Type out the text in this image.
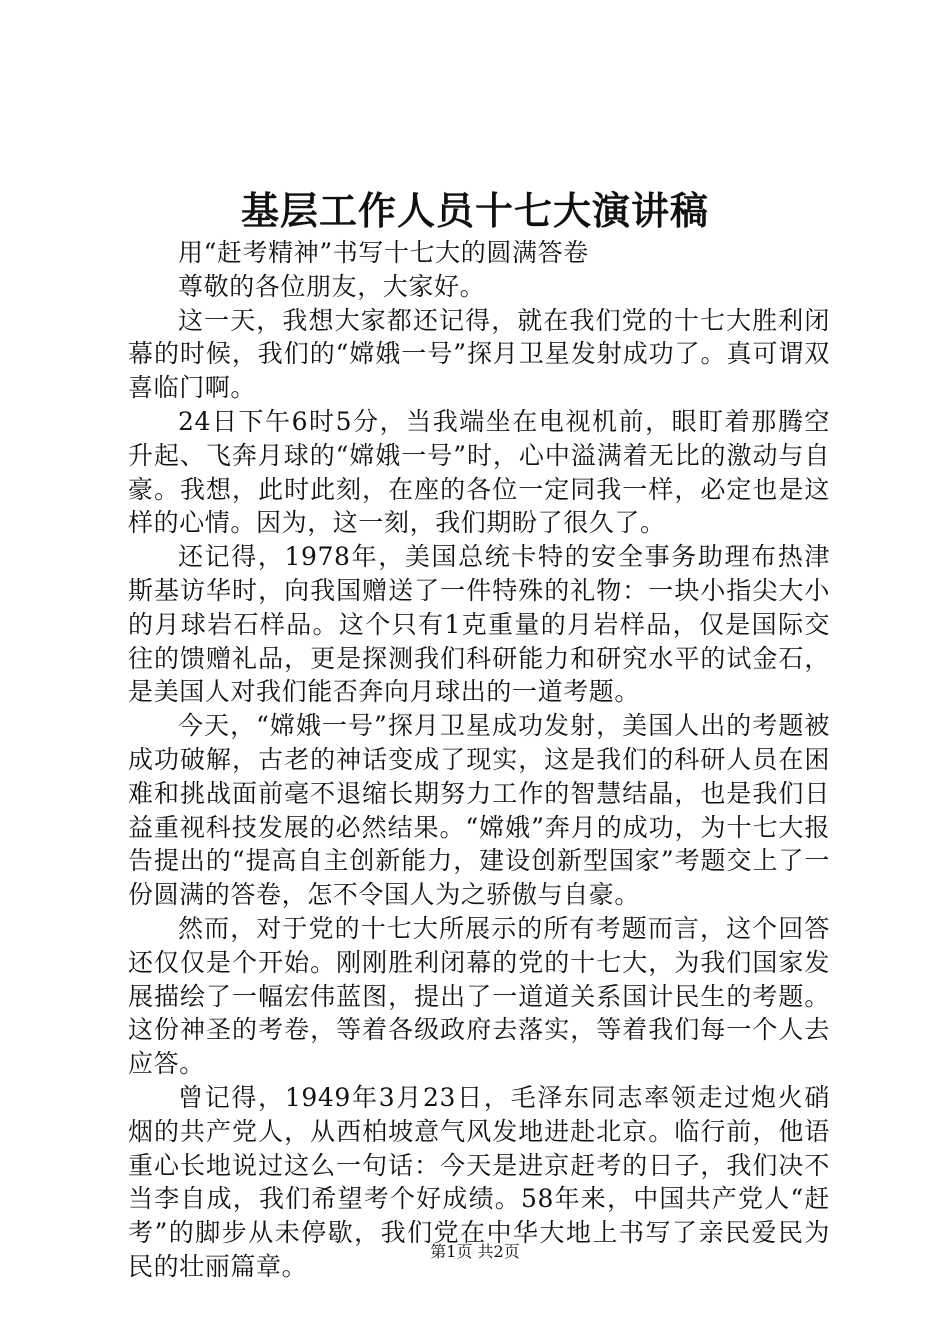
基层工作人员十七大演讲稿

用“赶考精神”书写十七大的圆满答卷

尊敬的各位朋友，大家好。

这一天，我想大家都还记得，就在我们党的十七大胜利闭幕的时候，我们的“嫦娥一号”探月卫星发射成功了。真可谓双喜临门啊。

24日下午6时5分，当我端坐在电视机前，眼盯着那腾空升起、飞奔月球的“嫦娥一号”时，心中溢满着无比的激动与自豪。我想，此时此刻，在座的各位一定同我一样，必定也是这样的心情。因为，这一刻，我们期盼了很久了。

还记得，1978年，美国总统卡特的安全事务助理布热津斯基访华时，向我国赠送了一件特殊的礼物：一块小指尖大小的月球岩石样品。这个只有1克重量的月岩样品，仅是国际交往的馈赠礼品，更是探测我们科研能力和研究水平的试金石，是美国人对我们能否奔向月球出的一道考题。

今天，“嫦娥一号”探月卫星成功发射，美国人出的考题被成功破解，古老的神话变成了现实，这是我们的科研人员在困难和挑战面前毫不退缩长期努力工作的智慧结晶，也是我们日益重视科技发展的必然结果。“嫦娥”奔月的成功，为十七大报告提出的“提高自主创新能力，建设创新型国家”考题交上了一份圆满的答卷，怎不令国人为之骄傲与自豪。

然而，对于党的十七大所展示的所有考题而言，这个回答还仅仅是个开始。刚刚胜利闭幕的党的十七大，为我们国家发展描绘了一幅宏伟蓝图，提出了一道道关系国计民生的考题。这份神圣的考卷，等着各级政府去落实，等着我们每一个人去应答。

曾记得，1949年3月23日，毛泽东同志率领走过炮火硝烟的共产党人，从西柏坡意气风发地进赴北京。临行前，他语重心长地说过这么一句话：今天是进京赶考的日子，我们决不当李自成，我们希望考个好成绩。58年来，中国共产党人“赶考”的脚步从未停歇，我们党在中华大地上书写了亲民爱民为民的壮丽篇章。

第1页 共2页
